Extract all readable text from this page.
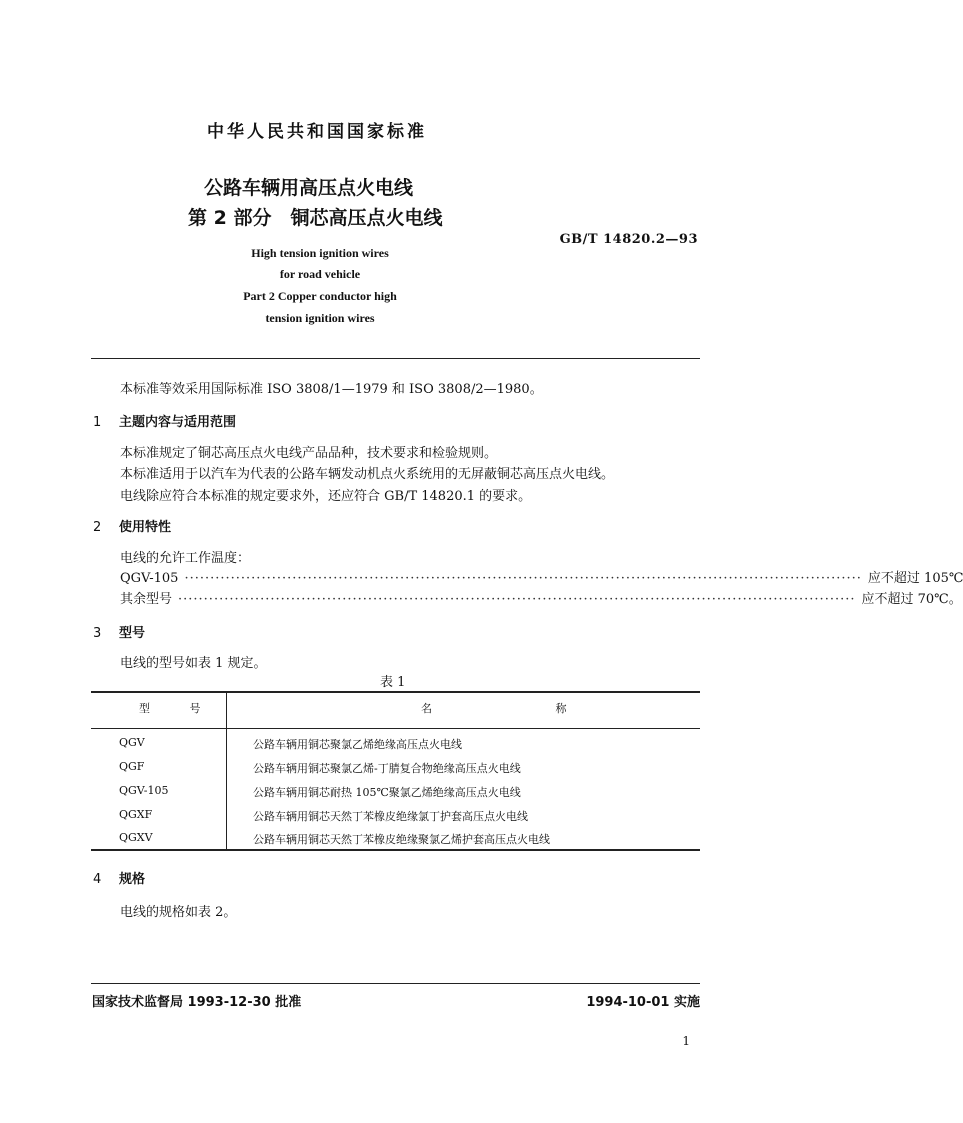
中华人民共和国国家标准
公路车辆用高压点火电线
第 2 部分　铜芯高压点火电线
GB/T 14820.2—93
High tension ignition wires
for road vehicle
Part 2 Copper conductor high
tension ignition wires
本标准等效采用国际标准 ISO 3808/1—1979 和 ISO 3808/2—1980。
1 主题内容与适用范围
本标准规定了铜芯高压点火电线产品品种，技术要求和检验规则。
本标准适用于以汽车为代表的公路车辆发动机点火系统用的无屏蔽铜芯高压点火电线。
电线除应符合本标准的规定要求外，还应符合 GB/T 14820.1 的要求。
2 使用特性
电线的允许工作温度：
QGV-105 ···································································································································· 应不超过 105℃
其余型号 ···································································································································· 应不超过 70℃。
3 型号
电线的型号如表 1 规定。
表 1
型 号	名 称
QGV	公路车辆用铜芯聚氯乙烯绝缘高压点火电线
QGF	公路车辆用铜芯聚氯乙烯-丁腈复合物绝缘高压点火电线
QGV-105	公路车辆用铜芯耐热 105℃聚氯乙烯绝缘高压点火电线
QGXF	公路车辆用铜芯天然丁苯橡皮绝缘氯丁护套高压点火电线
QGXV	公路车辆用铜芯天然丁苯橡皮绝缘聚氯乙烯护套高压点火电线
4 规格
电线的规格如表 2。
国家技术监督局 1993-12-30 批准	1994-10-01 实施
1
